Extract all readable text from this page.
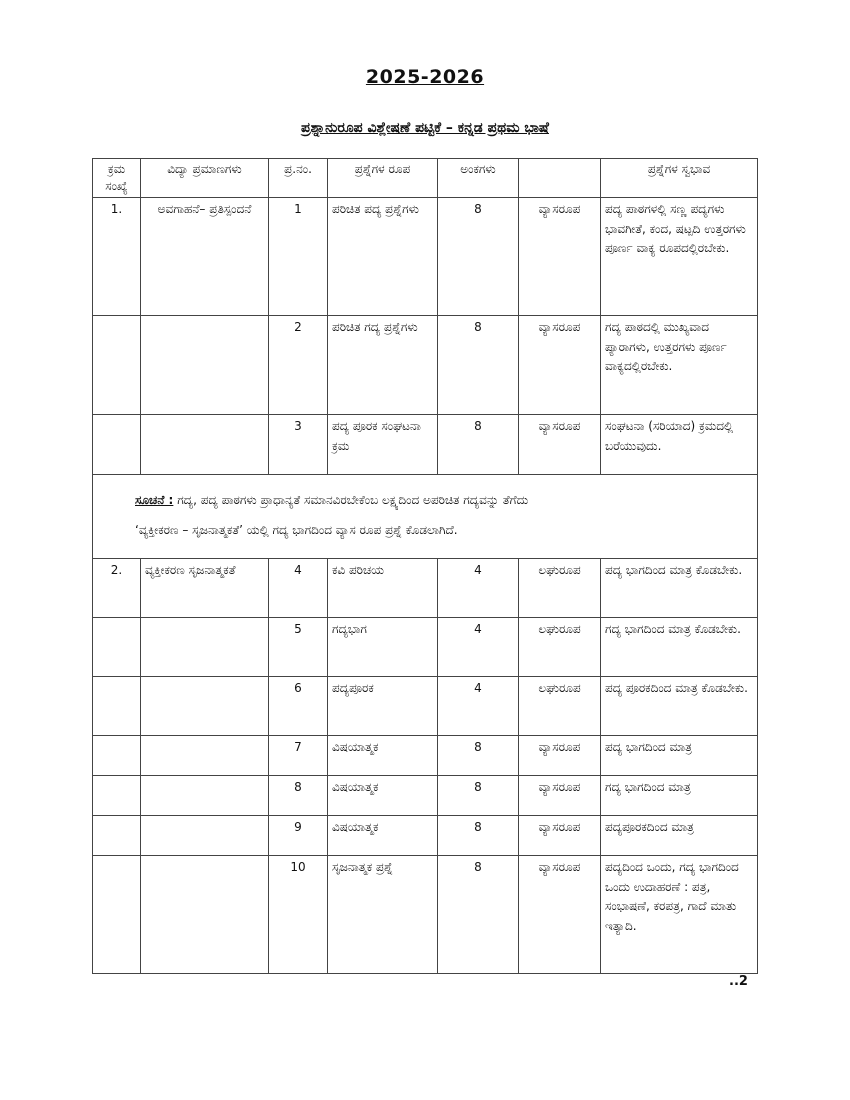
2025-2026
ಪ್ರಶ್ನಾನುರೂಪ ವಿಶ್ಲೇಷಣೆ ಪಟ್ಟಿಕೆ – ಕನ್ನಡ ಪ್ರಥಮ ಭಾಷೆ
ಕ್ರಮ ಸಂಖ್ಯೆ	ವಿದ್ಯಾ ಪ್ರಮಾಣಗಳು	ಪ್ರ.ನಂ.	ಪ್ರಶ್ನೆಗಳ ರೂಪ	ಅಂಕಗಳು		ಪ್ರಶ್ನೆಗಳ ಸ್ವಭಾವ
1.	ಅವಗಾಹನೆ– ಪ್ರತಿಸ್ಪಂದನೆ	1	ಪರಿಚಿತ ಪದ್ಯ ಪ್ರಶ್ನೆಗಳು	8	ವ್ಯಾಸರೂಪ	ಪದ್ಯ ಪಾಠಗಳಲ್ಲಿ ಸಣ್ಣ ಪದ್ಯಗಳು ಭಾವಗೀತೆ, ಕಂದ, ಷಟ್ಪದಿ ಉತ್ತರಗಳು ಪೂರ್ಣ ವಾಕ್ಯ ರೂಪದಲ್ಲಿರಬೇಕು.
		2	ಪರಿಚಿತ ಗದ್ಯ ಪ್ರಶ್ನೆಗಳು	8	ವ್ಯಾಸರೂಪ	ಗದ್ಯ ಪಾಠದಲ್ಲಿ ಮುಖ್ಯವಾದ ಪ್ಯಾರಾಗಳು, ಉತ್ತರಗಳು ಪೂರ್ಣ ವಾಕ್ಯದಲ್ಲಿರಬೇಕು.
		3	ಪದ್ಯ ಪೂರಕ ಸಂಘಟನಾ ಕ್ರಮ	8	ವ್ಯಾಸರೂಪ	ಸಂಘಟನಾ (ಸರಿಯಾದ) ಕ್ರಮದಲ್ಲಿ ಬರೆಯುವುದು.

ಸೂಚನೆ : ಗದ್ಯ, ಪದ್ಯ ಪಾಠಗಳು ಪ್ರಾಧಾನ್ಯತೆ ಸಮಾನವಿರಬೇಕೆಂಬ ಲಕ್ಷ್ಯದಿಂದ ಅಪರಿಚಿತ ಗದ್ಯವನ್ನು ತೆಗೆದು
‘ವ್ಯಕ್ತೀಕರಣ – ಸೃಜನಾತ್ಮಕತೆ’ ಯಲ್ಲಿ ಗದ್ಯ ಭಾಗದಿಂದ ವ್ಯಾಸ ರೂಪ ಪ್ರಶ್ನೆ ಕೊಡಲಾಗಿದೆ.						

2.	ವ್ಯಕ್ತೀಕರಣ ಸೃಜನಾತ್ಮಕತೆ	4	ಕವಿ ಪರಿಚಯ	4	ಲಘುರೂಪ	ಪದ್ಯ ಭಾಗದಿಂದ ಮಾತ್ರ ಕೊಡಬೇಕು.
		5	ಗದ್ಯಭಾಗ	4	ಲಘುರೂಪ	ಗದ್ಯ ಭಾಗದಿಂದ ಮಾತ್ರ ಕೊಡಬೇಕು.
		6	ಪದ್ಯಪೂರಕ	4	ಲಘುರೂಪ	ಪದ್ಯ ಪೂರಕದಿಂದ ಮಾತ್ರ ಕೊಡಬೇಕು.
		7	ವಿಷಯಾತ್ಮಕ	8	ವ್ಯಾಸರೂಪ	ಪದ್ಯ ಭಾಗದಿಂದ ಮಾತ್ರ
		8	ವಿಷಯಾತ್ಮಕ	8	ವ್ಯಾಸರೂಪ	ಗದ್ಯ ಭಾಗದಿಂದ ಮಾತ್ರ
		9	ವಿಷಯಾತ್ಮಕ	8	ವ್ಯಾಸರೂಪ	ಪದ್ಯಪೂರಕದಿಂದ ಮಾತ್ರ
		10	ಸೃಜನಾತ್ಮಕ ಪ್ರಶ್ನೆ	8	ವ್ಯಾಸರೂಪ	ಪದ್ಯದಿಂದ ಒಂದು, ಗದ್ಯ ಭಾಗದಿಂದ ಒಂದು ಉದಾಹರಣೆ : ಪತ್ರ, ಸಂಭಾಷಣೆ, ಕರಪತ್ರ, ಗಾದೆ ಮಾತು ಇತ್ಯಾದಿ.
..2
